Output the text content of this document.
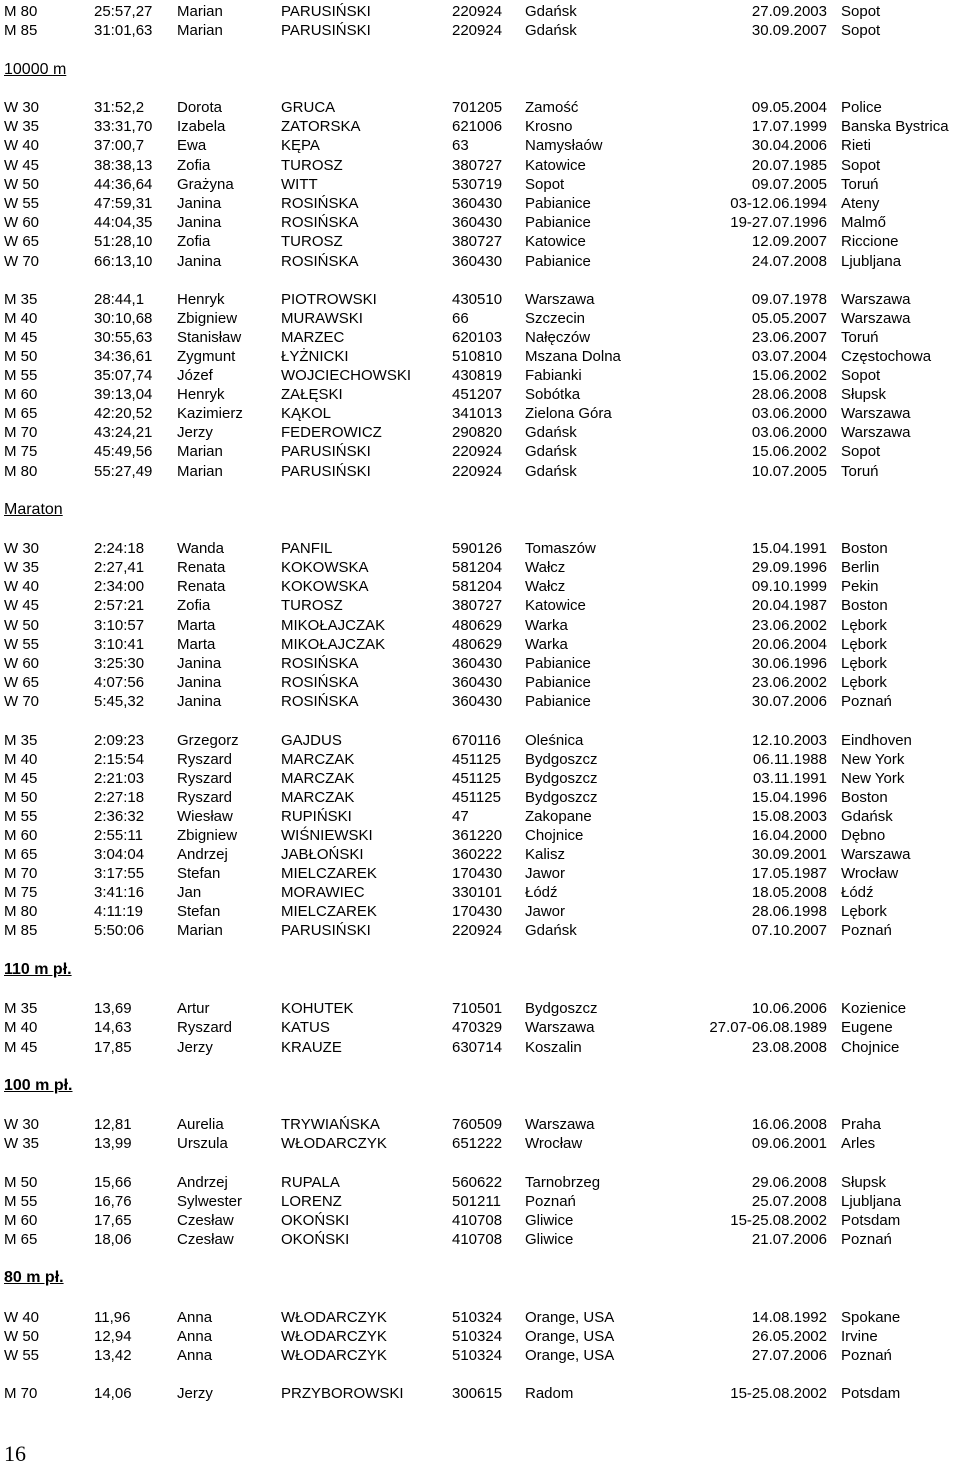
M 80	25:57,27 Marian	PARUSIŃSKI	220924 Gdańsk	27.09.2003 Sopot
M 85	31:01,63 Marian	PARUSIŃSKI	220924 Gdańsk	30.09.2007 Sopot
10000 m
W 30	31:52,2 Dorota	GRUCA	701205 Zamość	09.05.2004 Police
W 35	33:31,70 Izabela	ZATORSKA	621006 Krosno	17.07.1999 Banska Bystrica
W 40	37:00,7 Ewa	KĘPA	63	Namysłaów	30.04.2006 Rieti
W 45	38:38,13 Zofia	TUROSZ	380727 Katowice	20.07.1985 Sopot
W 50	44:36,64 Grażyna	WITT	530719 Sopot	09.07.2005 Toruń
W 55	47:59,31 Janina	ROSIŃSKA	360430 Pabianice	03-12.06.1994 Ateny
W 60	44:04,35 Janina	ROSIŃSKA	360430 Pabianice	19-27.07.1996 Malmő
W 65	51:28,10 Zofia	TUROSZ	380727 Katowice	12.09.2007 Riccione
W 70	66:13,10 Janina	ROSIŃSKA	360430 Pabianice	24.07.2008 Ljubljana
M 35	28:44,1 Henryk	PIOTROWSKI	430510 Warszawa	09.07.1978 Warszawa
M 40	30:10,68 Zbigniew	MURAWSKI	66	Szczecin	05.05.2007 Warszawa
M 45	30:55,63 Stanisław	MARZEC	620103 Nałęczów	23.06.2007 Toruń
M 50	34:36,61 Zygmunt	ŁYŻNICKI	510810 Mszana Dolna	03.07.2004 Częstochowa
M 55	35:07,74 Józef	WOJCIECHOWSKI	430819 Fabianki	15.06.2002 Sopot
M 60	39:13,04 Henryk	ZAŁĘSKI	451207 Sobótka	28.06.2008 Słupsk
M 65	42:20,52 Kazimierz	KĄKOL	341013 Zielona Góra	03.06.2000 Warszawa
M 70	43:24,21 Jerzy	FEDEROWICZ	290820 Gdańsk	03.06.2000 Warszawa
M 75	45:49,56 Marian	PARUSIŃSKI	220924 Gdańsk	15.06.2002 Sopot
M 80	55:27,49 Marian	PARUSIŃSKI	220924 Gdańsk	10.07.2005 Toruń
Maraton
W 30	2:24:18 Wanda	PANFIL	590126 Tomaszów	15.04.1991 Boston
W 35	2:27,41 Renata	KOKOWSKA	581204 Wałcz	29.09.1996 Berlin
W 40	2:34:00 Renata	KOKOWSKA	581204 Wałcz	09.10.1999 Pekin
W 45	2:57:21 Zofia	TUROSZ	380727 Katowice	20.04.1987 Boston
W 50	3:10:57 Marta	MIKOŁAJCZAK	480629 Warka	23.06.2002 Lębork
W 55	3:10:41 Marta	MIKOŁAJCZAK	480629 Warka	20.06.2004 Lębork
W 60	3:25:30 Janina	ROSIŃSKA	360430 Pabianice	30.06.1996 Lębork
W 65	4:07:56 Janina	ROSIŃSKA	360430 Pabianice	23.06.2002 Lębork
W 70	5:45,32 Janina	ROSIŃSKA	360430 Pabianice	30.07.2006 Poznań
M 35	2:09:23 Grzegorz	GAJDUS	670116 Oleśnica	12.10.2003 Eindhoven
M 40	2:15:54 Ryszard	MARCZAK	451125 Bydgoszcz	06.11.1988 New York
M 45	2:21:03 Ryszard	MARCZAK	451125 Bydgoszcz	03.11.1991 New York
M 50	2:27:18 Ryszard	MARCZAK	451125 Bydgoszcz	15.04.1996 Boston
M 55	2:36:32 Wiesław	RUPIŃSKI	47	Zakopane	15.08.2003 Gdańsk
M 60	2:55:11 Zbigniew	WIŚNIEWSKI	361220 Chojnice	16.04.2000 Dębno
M 65	3:04:04 Andrzej	JABŁOŃSKI	360222 Kalisz	30.09.2001 Warszawa
M 70	3:17:55 Stefan	MIELCZAREK	170430 Jawor	17.05.1987 Wrocław
M 75	3:41:16 Jan	MORAWIEC	330101 Łódź	18.05.2008 Łódź
M 80	4:11:19 Stefan	MIELCZAREK	170430 Jawor	28.06.1998 Lębork
M 85	5:50:06 Marian	PARUSIŃSKI	220924 Gdańsk	07.10.2007 Poznań
110 m pł.
M 35	13,69	Artur	KOHUTEK	710501 Bydgoszcz	10.06.2006 Kozienice
M 40	14,63	Ryszard	KATUS	470329 Warszawa	27.07-06.08.1989 Eugene
M 45	17,85	Jerzy	KRAUZE	630714 Koszalin	23.08.2008 Chojnice
100 m pł.
W 30	12,81	Aurelia	TRYWIAŃSKA	760509 Warszawa	16.06.2008 Praha
W 35	13,99	Urszula	WŁODARCZYK	651222 Wrocław	09.06.2001 Arles
M 50	15,66	Andrzej	RUPALA	560622 Tarnobrzeg	29.06.2008 Słupsk
M 55	16,76	Sylwester	LORENZ	501211 Poznań	25.07.2008 Ljubljana
M 60	17,65	Czesław	OKOŃSKI	410708 Gliwice	15-25.08.2002 Potsdam
M 65	18,06	Czesław	OKOŃSKI	410708 Gliwice	21.07.2006 Poznań
80 m pł.
W 40	11,96	Anna	WŁODARCZYK	510324 Orange, USA	14.08.1992 Spokane
W 50	12,94	Anna	WŁODARCZYK	510324 Orange, USA	26.05.2002 Irvine
W 55	13,42	Anna	WŁODARCZYK	510324 Orange, USA	27.07.2006 Poznań
M 70	14,06	Jerzy	PRZYBOROWSKI	300615 Radom	15-25.08.2002 Potsdam
16
